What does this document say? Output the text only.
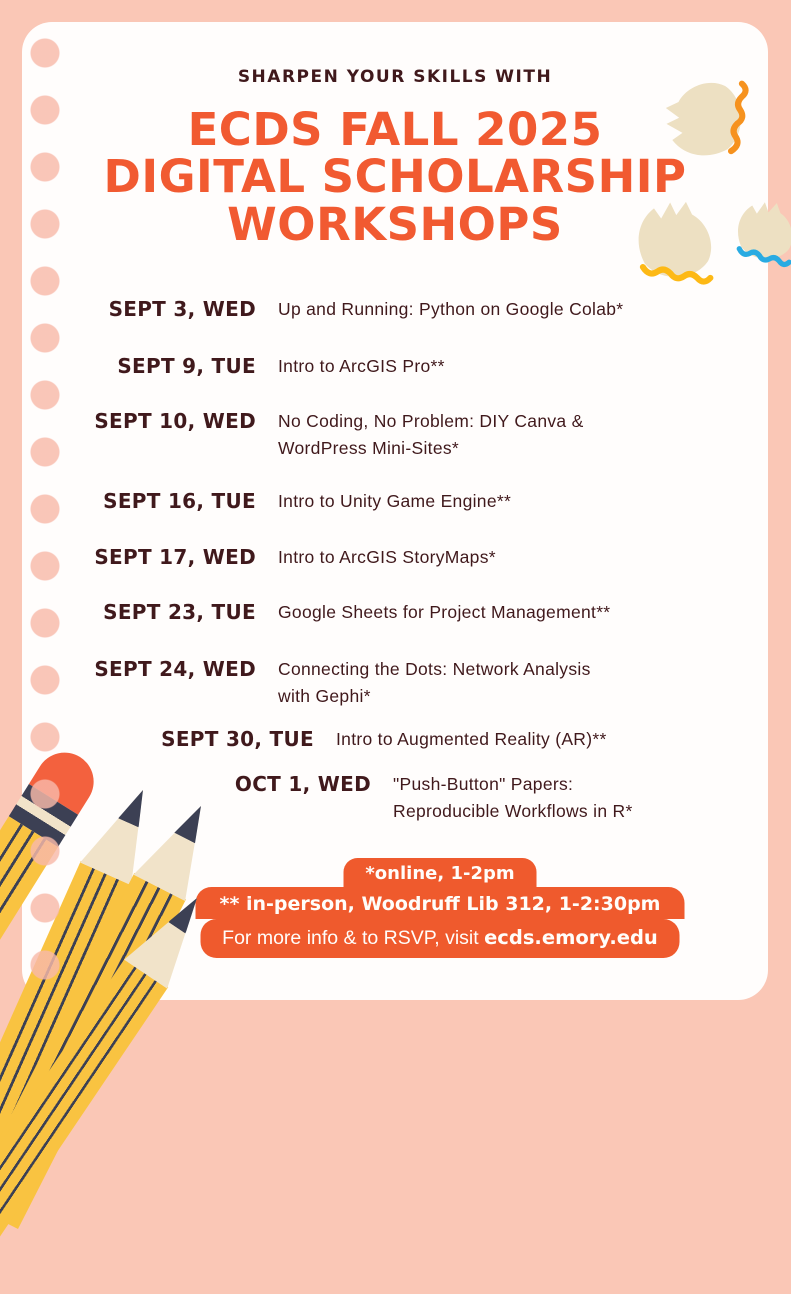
SHARPEN YOUR SKILLS WITH
ECDS FALL 2025
DIGITAL SCHOLARSHIP
WORKSHOPS
SEPT 3, WED Up and Running: Python on Google Colab*
SEPT 9, TUE Intro to ArcGIS Pro**
SEPT 10, WED No Coding, No Problem: DIY Canva & WordPress Mini-Sites*
SEPT 16, TUE Intro to Unity Game Engine**
SEPT 17, WED Intro to ArcGIS StoryMaps*
SEPT 23, TUE Google Sheets for Project Management**
SEPT 24, WED Connecting the Dots: Network Analysis with Gephi*
SEPT 30, TUE Intro to Augmented Reality (AR)**
OCT 1, WED "Push-Button" Papers: Reproducible Workflows in R*
*online, 1-2pm
** in-person, Woodruff Lib 312, 1-2:30pm
For more info & to RSVP, visit ecds.emory.edu
